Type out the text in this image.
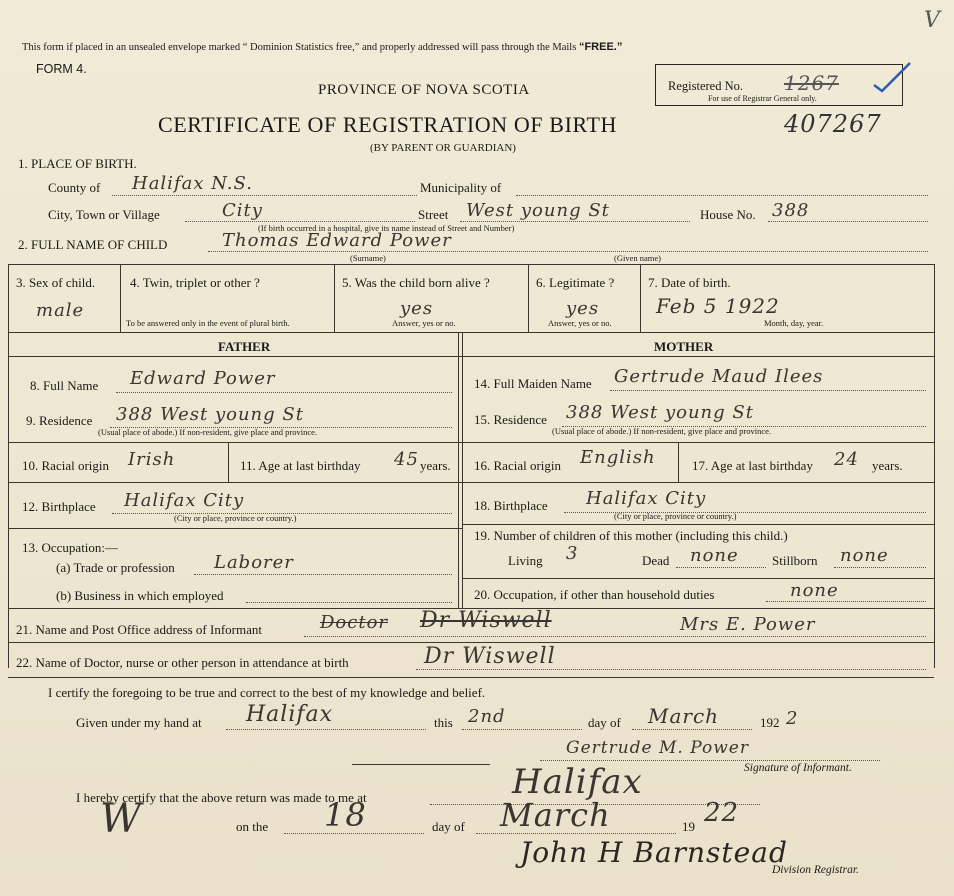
V
This form if placed in an unsealed envelope marked “ Dominion Statistics free,” and properly addressed will pass through the Mails “FREE.”
FORM 4.
PROVINCE OF NOVA SCOTIA	Registered No. 1267
For use of Registrar General only.
CERTIFICATE OF REGISTRATION OF BIRTH	407267
(BY PARENT OR GUARDIAN)
1. PLACE OF BIRTH.
County of Halifax N.S.	Municipality of
City, Town or Village	City	Street West young St	House No. 388
(If birth occurred in a hospital, give its name instead of Street and Number)
2. FULL NAME OF CHILD	Thomas Edward Power
(Surname)	(Given name)
3. Sex of child.
male
4. Twin, triplet or other ?
To be answered only in the event of plural birth.
5. Was the child born alive ?
yes
Answer, yes or no.
6. Legitimate ?
yes
Answer, yes or no.
7. Date of birth.
Feb 5 1922
Month, day, year.
FATHER	MOTHER
8. Full Name Edward Power
9. Residence 388 West young St
(Usual place of abode.) If non-resident, give place and province.
10. Racial origin Irish	11. Age at last birthday 45 years.
12. Birthplace Halifax City
(City or place, province or country.)
13. Occupation:—
(a) Trade or profession Laborer
(b) Business in which employed
14. Full Maiden Name Gertrude Maud Ilees
15. Residence 388 West young St
(Usual place of abode.) If non-resident, give place and province.
16. Racial origin English	17. Age at last birthday 24 years.
18. Birthplace Halifax City
(City or place, province or country.)
19. Number of children of this mother (including this child.)
Living 3	Dead none	Stillborn none
20. Occupation, if other than household duties	none
21. Name and Post Office address of Informant	Doctor Dr Wiswell	Mrs E. Power
22. Name of Doctor, nurse or other person in attendance at birth	Dr Wiswell
I certify the foregoing to be true and correct to the best of my knowledge and belief.
Given under my hand at Halifax	this 2nd	day of March	192 2
Gertrude M. Power
Signature of Informant.
I hereby certify that the above return was made to me at	Halifax
W	on the 18	day of March	19 22
John H Barnstead
Division Registrar.
